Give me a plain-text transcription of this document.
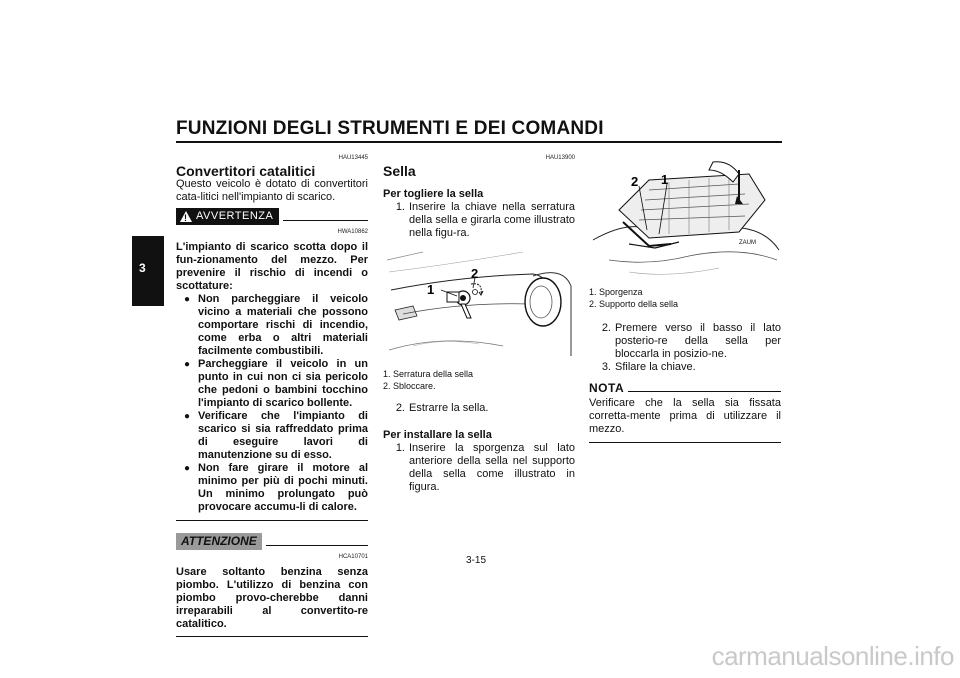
FUNZIONI DEGLI STRUMENTI E DEI COMANDI
3
HAU13445
Convertitori catalitici

Questo veicolo è dotato di convertitori cata-litici nell'impianto di scarico.

! AVVERTENZA
HWA10862

L'impianto di scarico scotta dopo il fun-zionamento del mezzo. Per prevenire il rischio di incendi o scottature:

● Non parcheggiare il veicolo vicino a materiali che possono comportare rischi di incendio, come erba o altri materiali facilmente combustibili.
● Parcheggiare il veicolo in un punto in cui non ci sia pericolo che pedoni o bambini tocchino l'impianto di scarico bollente.
● Verificare che l'impianto di scarico si sia raffreddato prima di eseguire lavori di manutenzione su di esso.
● Non fare girare il motore al minimo per più di pochi minuti. Un minimo prolungato può provocare accumu-li di calore.
ATTENZIONE
HCA10701

Usare soltanto benzina senza piombo. L'utilizzo di benzina con piombo provo-cherebbe danni irreparabili al convertito-re catalitico.

HAU13900
Sella

Per togliere la sella

1. Inserire la chiave nella serratura della sella e girarla come illustrato nella figu-ra.
1
2
1. Serratura della sella
2. Sbloccare.
2. Estrarre la sella.

Per installare la sella

1. Inserire la sporgenza sul lato anteriore della sella nel supporto della sella come illustrato in figura.
ZAUM
2 1
1. Sporgenza
2. Supporto della sella
2. Premere verso il basso il lato posterio-re della sella per bloccarla in posizio-ne.
3. Sfilare la chiave.
NOTA

Verificare che la sella sia fissata corretta-mente prima di utilizzare il mezzo.

3-15
carmanualsonline.info
